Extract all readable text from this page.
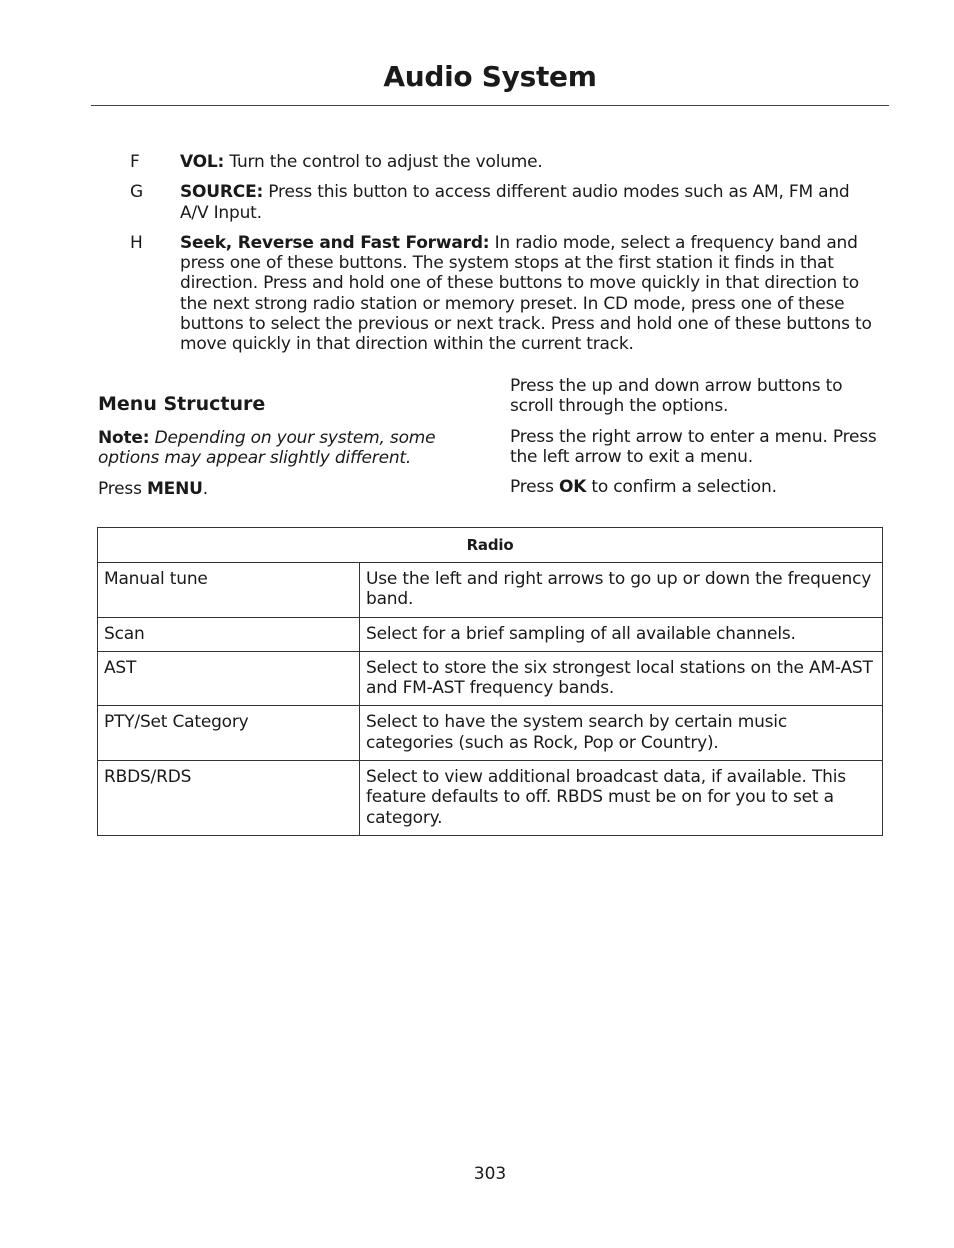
Audio System
F	VOL: Turn the control to adjust the volume.
G	SOURCE: Press this button to access different audio modes such as AM, FM and A/V Input.
H	Seek, Reverse and Fast Forward: In radio mode, select a frequency band and press one of these buttons. The system stops at the first station it finds in that direction. Press and hold one of these buttons to move quickly in that direction to the next strong radio station or memory preset. In CD mode, press one of these buttons to select the previous or next track. Press and hold one of these buttons to move quickly in that direction within the current track.
Menu Structure
Note: Depending on your system, some options may appear slightly different.
Press MENU.
Press the up and down arrow buttons to scroll through the options.
Press the right arrow to enter a menu. Press the left arrow to exit a menu.
Press OK to confirm a selection.
Radio	
Manual tune	Use the left and right arrows to go up or down the frequency band.
Scan	Select for a brief sampling of all available channels.
AST	Select to store the six strongest local stations on the AM-AST and FM-AST frequency bands.
PTY/Set Category	Select to have the system search by certain music categories (such as Rock, Pop or Country).
RBDS/RDS	Select to view additional broadcast data, if available. This feature defaults to off. RBDS must be on for you to set a category.
303
